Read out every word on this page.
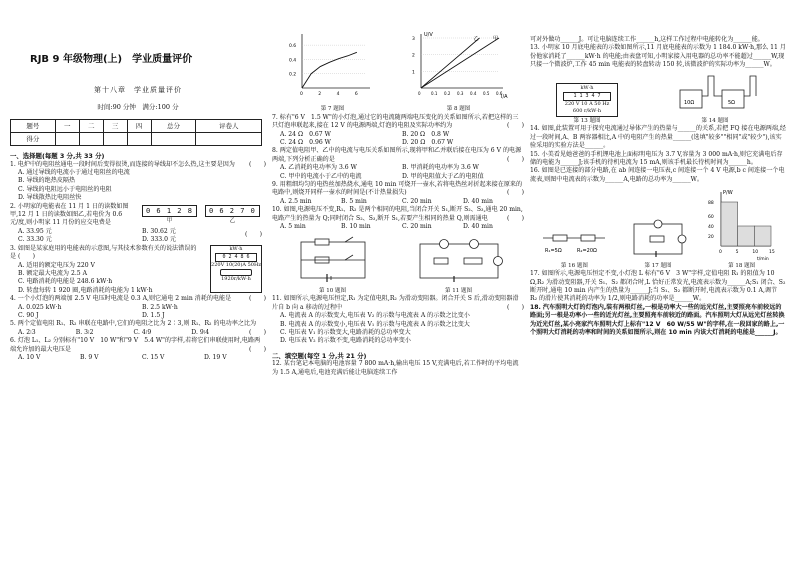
RJB 9 年级物理(上)　学业质量评价
第十八章　学业质量评价
时间:90 分钟　满分:100 分
题号	一	二	三	四	总分	评卷人
得分						
一、选择题(每题 3 分,共 33 分)

1. 电炉中的电阻丝通电一段时间后变得很烫,而连接的导线却不怎么热,这主要是因为 (　　)

A. 通过导线的电流小于通过电阻丝的电流
B. 导线的绝热皮隔热
C. 导线的电阻远小于电阻丝的电阻
D. 导线散热比电阻丝快

2. 小明家的电能表在 11 月 1 日的读数如图甲,12 月 1 日的读数如图乙,若电价为 0.6 元/度,则小明家 11 月份的应交电费是

0 6 1 2 8
甲
0 6 2 7 0
乙
A. 33.95 元	B. 30.62 元
C. 33.30 元	D. 333.0 元
(　　)

3. 如图是某家庭用的电能表的示意图,与其技术参数有关的说法错误的是 (　　)

kW·h
0 2 4 8 6
220V 10(20)A 50Hz
1920r/kW·h
A. 适用的额定电压为 220 V
B. 额定最大电流为 2.5 A
C. 电路消耗的电能是 248.6 kW·h
D. 转盘每转 1 920 圈,电路消耗的电能为 1 kW·h

4. 一个小灯泡的两端加 2.5 V 电压时电流是 0.3 A,则它通电 2 min 消耗的电能是	(　　)

A. 0.025 kW·h	B. 2.5 kW·h
C. 90 J	D. 1.5 J

5. 两个定值电阻 R₁、R₂ 串联在电路中,它们的电阻之比为 2∶3,则 R₁、R₂ 的电功率之比为
(　　)

A. 2∶3	B. 3∶2	C. 4∶9	D. 9∶4

6. 灯泡 L₁、L₂ 分别标有"10 V　10 W"和"9 V　5.4 W"的字样,若将它们串联使用时,电路两端允许加的最大电压是	(　　)

A. 10 V	B. 9 V	C. 15 V	D. 19 V
0.6
0.4
0.2
0	2	4	6
第 7 题图
U/V
I/A
3
2
1
0	0.1 0.2 0.3 0.4 0.5 0.6
甲
乙
第 8 题图

7. 标有"6 V　1.5 W"的小灯泡,通过它的电流随两端电压变化的关系如图所示,若把这样的三只灯泡串联起来,接在 12 V 的电源两端,灯泡的电阻及实际功率约为	(　　)

A. 24 Ω　0.67 W	B. 20 Ω　0.8 W
C. 24 Ω　0.96 W	D. 20 Ω　0.67 W

8. 两定值电阻甲、乙中的电流与电压关系如图所示,现将甲和乙并联后接在电压为 6 V 的电源两端,下列分析正确的是	(　　)

A. 乙消耗的电功率为 3.6 W	B. 甲消耗的电功率为 3.6 W
C. 甲中的电流小于乙中的电流	D. 甲的电阻值大于乙的电阻值

9. 用粗细均匀的电热丝加热烧水,通电 10 min 可烧开一壶水,若将电热丝对折起来接在原来的电路中,则烧开同样一壶水的时间是(不计热量损失)	(　　)

A. 2.5 min	B. 5 min	C. 20 min	D. 40 min

10. 如图,电源电压不变,R₁、R₂ 是两个相同的电阻,当闭合开关 S₁,断开 S₂、S₃,通电 20 min,电路产生的热量为 Q;同时闭合 S₂、S₃,断开 S₁,若要产生相同的热量 Q,则需通电	(　　)

A. 5 min	B. 10 min	C. 20 min	D. 40 min
第 10 题图	第 11 题图

11. 如图所示,电源电压恒定,R₁ 为定值电阻,R₂ 为滑动变阻器。闭合开关 S 后,滑动变阻器滑片自 b 向 a 移动的过程中	(　　)

A. 电流表 A 的示数变大,电压表 V₂ 的示数与电流表 A 的示数之比变小
B. 电流表 A 的示数变小,电压表 V₁ 的示数与电流表 A 的示数之比变大
C. 电压表 V₁ 的示数变大,电路消耗的总功率变大
D. 电压表 V₂ 的示数不变,电路消耗的总功率变小
二、填空题(每空 1 分,共 21 分)

12. 某台笔记本电脑的电池容量 7 800 mA·h,输出电压 15 V,充满电后,若工作时的平均电流为 1.5 A,通电后,电池充满后能让电脑连续工作

可对外做功______J。可让电脑连续工作______h,这样工作过程中电能转化为______能。

13. 小明家 10 月底电能表的示数如图所示,11 月底电能表的示数为 1 184.0 kW·h,那么 11 月份他家消耗了______kW·h 的电能;由表盘可知,小明家接入用电器的总功率不能超过______W,现只接一个微波炉,工作 45 min 电能表的转盘转动 150 转,该微波炉的实际功率为______W。

kW·h
1 1 3 4 7
220 V 10 A 50 Hz
600 r/kW·h
第 13 题图
10Ω	5Ω
第 14 题图

14. 如图,此装置可用于探究电流通过导体产生的热量与______的关系,若把 FQ 接在电源两端,经过一段时间,A、B 两容器相比,A 中的电阻产生的热量______(选填"较多""相同"或"较少"),该实验采用的实验方法是______。

15. 小美看见她爸爸的手机锂电池上面标明电压为 3.7 V,容量为 3 000 mA·h,则它充满电后存储的电能为______J;该手机的待机电流为 15 mA,则该手机最长待机时间为______h。

16. 如图是已连接的部分电路,在 ab 间连接一电压表,c 间连接一个 4 V 电源,b c 间连接一个电流表,则图中电流表的示数为______A,电路的总功率为______W。

R₁=5Ω	R₂=20Ω
第 16 题图	第 17 题图
P/W
t/min
88
60
40
20
0	5	10 15
第 18 题图

17. 如图所示,电源电压恒定不变,小灯泡 L 标有"6 V　3 W"字样,定值电阻 R₁ 的阻值为 10 Ω,R₂ 为滑动变阻器,开关 S₁、S₂ 都闭合时,L 恰好正常发光,电流表示数为______A;S₁ 闭合、S₂ 断开时,通电 10 min 内产生的热量为______J;当 S₁、S₂ 都断开时,电流表示数为 0.1 A,调节 R₂ 的滑片使其消耗的功率为 1/2,则电路消耗的功率是______W。

18. 汽车照明大灯的灯泡内,装有两根灯丝,一根是功率大一些的远光灯丝,主要照亮车前较远的路面;另一根是功率小一些的近光灯丝,主要照亮车前较近的路面。汽车照明大灯从远光灯丝转换为近光灯丝,某小亮家汽车照明大灯上标有"12 V　60 W/55 W"的字样,在一段回家的路上,一个照明大灯消耗的功率和时间的关系如图所示,则在 10 min 内该大灯消耗的电能是______J。
